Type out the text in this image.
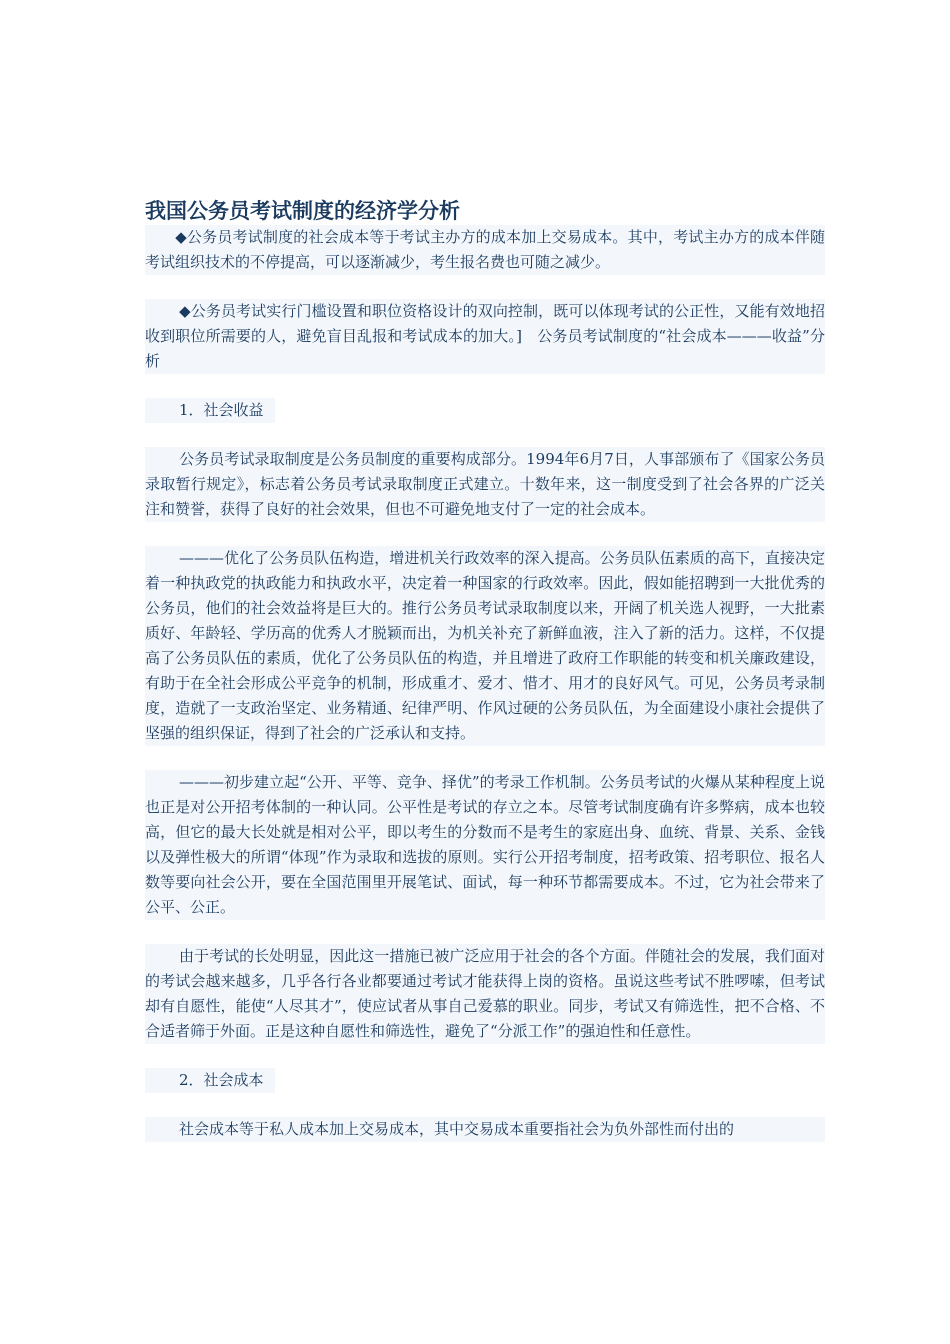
我国公务员考试制度的经济学分析

◆公务员考试制度的社会成本等于考试主办方的成本加上交易成本。其中，考试主办方的成本伴随考试组织技术的不停提高，可以逐渐减少，考生报名费也可随之减少。

◆公务员考试实行门槛设置和职位资格设计的双向控制，既可以体现考试的公正性，又能有效地招收到职位所需要的人，避免盲目乱报和考试成本的加大。]　公务员考试制度的“社会成本———收益”分析

1．社会收益

公务员考试录取制度是公务员制度的重要构成部分。1994年6月7日，人事部颁布了《国家公务员录取暂行规定》，标志着公务员考试录取制度正式建立。十数年来，这一制度受到了社会各界的广泛关注和赞誉，获得了良好的社会效果，但也不可避免地支付了一定的社会成本。

———优化了公务员队伍构造，增进机关行政效率的深入提高。公务员队伍素质的高下，直接决定着一种执政党的执政能力和执政水平，决定着一种国家的行政效率。因此，假如能招聘到一大批优秀的公务员，他们的社会效益将是巨大的。推行公务员考试录取制度以来，开阔了机关选人视野，一大批素质好、年龄轻、学历高的优秀人才脱颖而出，为机关补充了新鲜血液，注入了新的活力。这样，不仅提高了公务员队伍的素质，优化了公务员队伍的构造，并且增进了政府工作职能的转变和机关廉政建设，有助于在全社会形成公平竞争的机制，形成重才、爱才、惜才、用才的良好风气。可见，公务员考录制度，造就了一支政治坚定、业务精通、纪律严明、作风过硬的公务员队伍，为全面建设小康社会提供了坚强的组织保证，得到了社会的广泛承认和支持。

———初步建立起“公开、平等、竞争、择优”的考录工作机制。公务员考试的火爆从某种程度上说也正是对公开招考体制的一种认同。公平性是考试的存立之本。尽管考试制度确有许多弊病，成本也较高，但它的最大长处就是相对公平，即以考生的分数而不是考生的家庭出身、血统、背景、关系、金钱以及弹性极大的所谓“体现”作为录取和选拔的原则。实行公开招考制度，招考政策、招考职位、报名人数等要向社会公开，要在全国范围里开展笔试、面试，每一种环节都需要成本。不过，它为社会带来了公平、公正。

由于考试的长处明显，因此这一措施已被广泛应用于社会的各个方面。伴随社会的发展，我们面对的考试会越来越多，几乎各行各业都要通过考试才能获得上岗的资格。虽说这些考试不胜啰嗦，但考试却有自愿性，能使“人尽其才”，使应试者从事自己爱慕的职业。同步，考试又有筛选性，把不合格、不合适者筛于外面。正是这种自愿性和筛选性，避免了“分派工作”的强迫性和任意性。

2．社会成本

社会成本等于私人成本加上交易成本，其中交易成本重要指社会为负外部性而付出的
